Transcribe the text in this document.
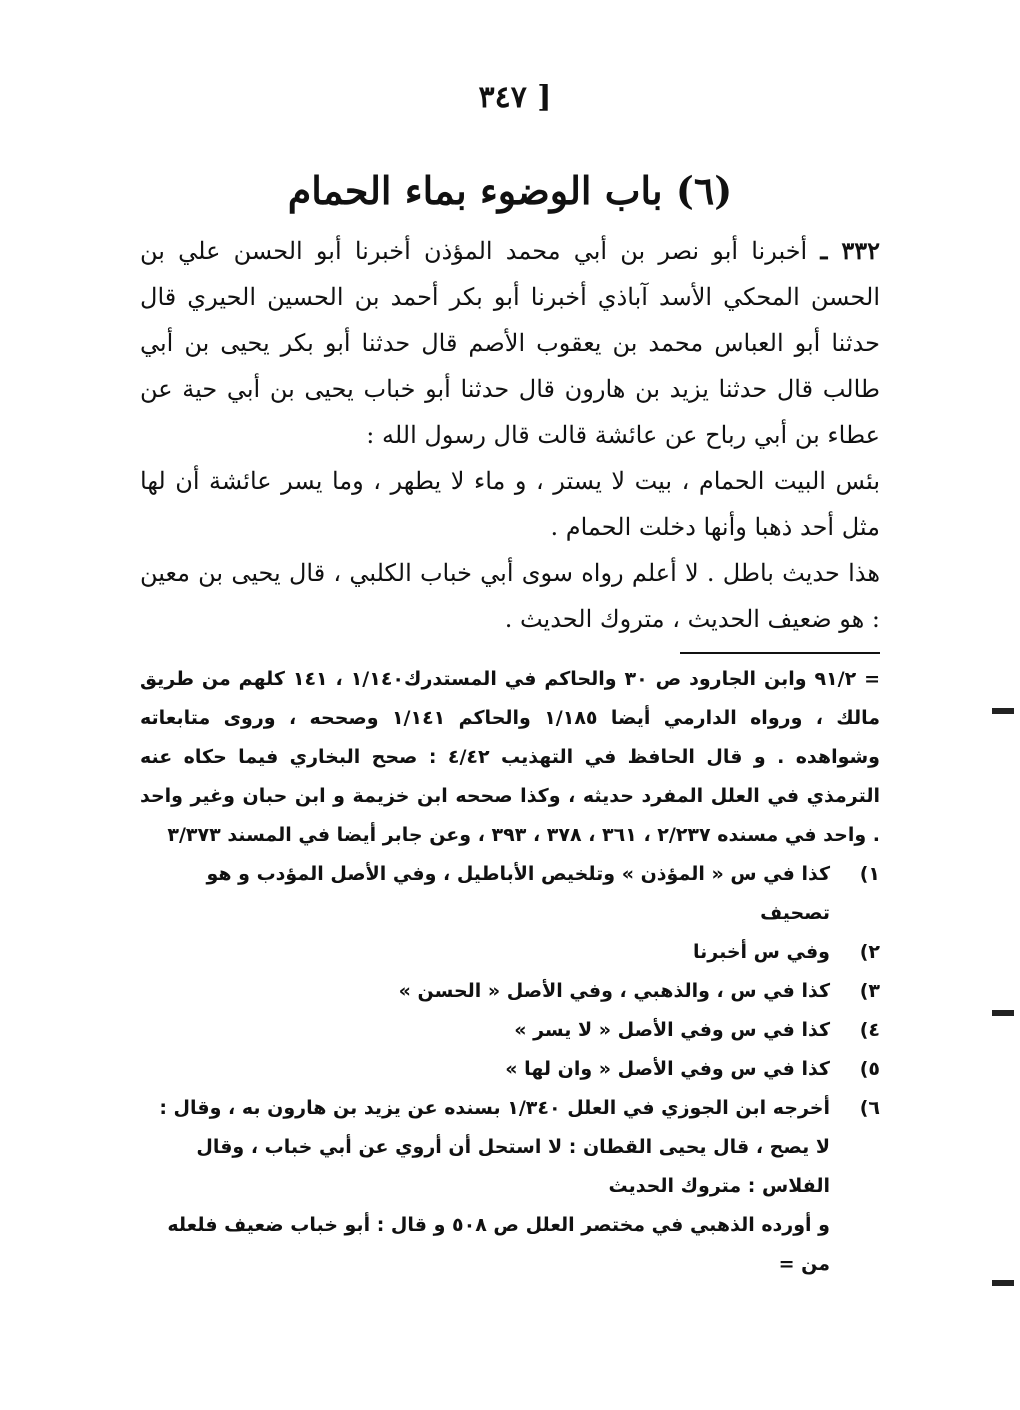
[ ٣٤٧
(٦) باب الوضوء بماء الحمام

٣٣٢ ـ أخبرنا أبو نصر بن أبي محمد المؤذن أخبرنا أبو الحسن علي بن الحسن المحكي الأسد آباذي أخبرنا أبو بكر أحمد بن الحسين الحيري قال حدثنا أبو العباس محمد بن يعقوب الأصم قال حدثنا أبو بكر يحيى بن أبي طالب قال حدثنا يزيد بن هارون قال حدثنا أبو خباب يحيى بن أبي حية عن عطاء بن أبي رباح عن عائشة قالت قال رسول الله :

بئس البيت الحمام ، بيت لا يستر ، و ماء لا يطهر ، وما يسر عائشة أن لها مثل أحد ذهبا وأنها دخلت الحمام .

هذا حديث باطل . لا أعلم رواه سوى أبي خباب الكلبي ، قال يحيى بن معين : هو ضعيف الحديث ، متروك الحديث .

= ٩١/٢ وابن الجارود ص ٣٠ والحاكم في المستدرك١/١٤٠ ، ١٤١ كلهم من طريق مالك ، ورواه الدارمي أيضا ١/١٨٥ والحاكم ١/١٤١ وصححه ، وروى متابعاته وشواهده . و قال الحافظ في التهذيب ٤/٤٢ : صحح البخاري فيما حكاه عنه الترمذي في العلل المفرد حديثه ، وكذا صححه ابن خزيمة و ابن حبان وغير واحد . واحد في مسنده ٢/٢٣٧ ، ٣٦١ ، ٣٧٨ ، ٣٩٣ ، وعن جابر أيضا في المسند ٣/٣٧٣

١)
كذا في س « المؤذن » وتلخيص الأباطيل ، وفي الأصل المؤدب و هو تصحيف
٢)
وفي س أخبرنا
٣)
كذا في س ، والذهبي ، وفي الأصل « الحسن »
٤)
كذا في س وفي الأصل « لا يسر »
٥)
كذا في س وفي الأصل « وان لها »
٦)
أخرجه ابن الجوزي في العلل ١/٣٤٠ بسنده عن يزيد بن هارون به ، وقال : لا يصح ، قال يحيى القطان : لا استحل أن أروي عن أبي خباب ، وقال الفلاس : متروك الحديث

و أورده الذهبي في مختصر العلل ص ٥٠٨ و قال : أبو خباب ضعيف فلعله من =
